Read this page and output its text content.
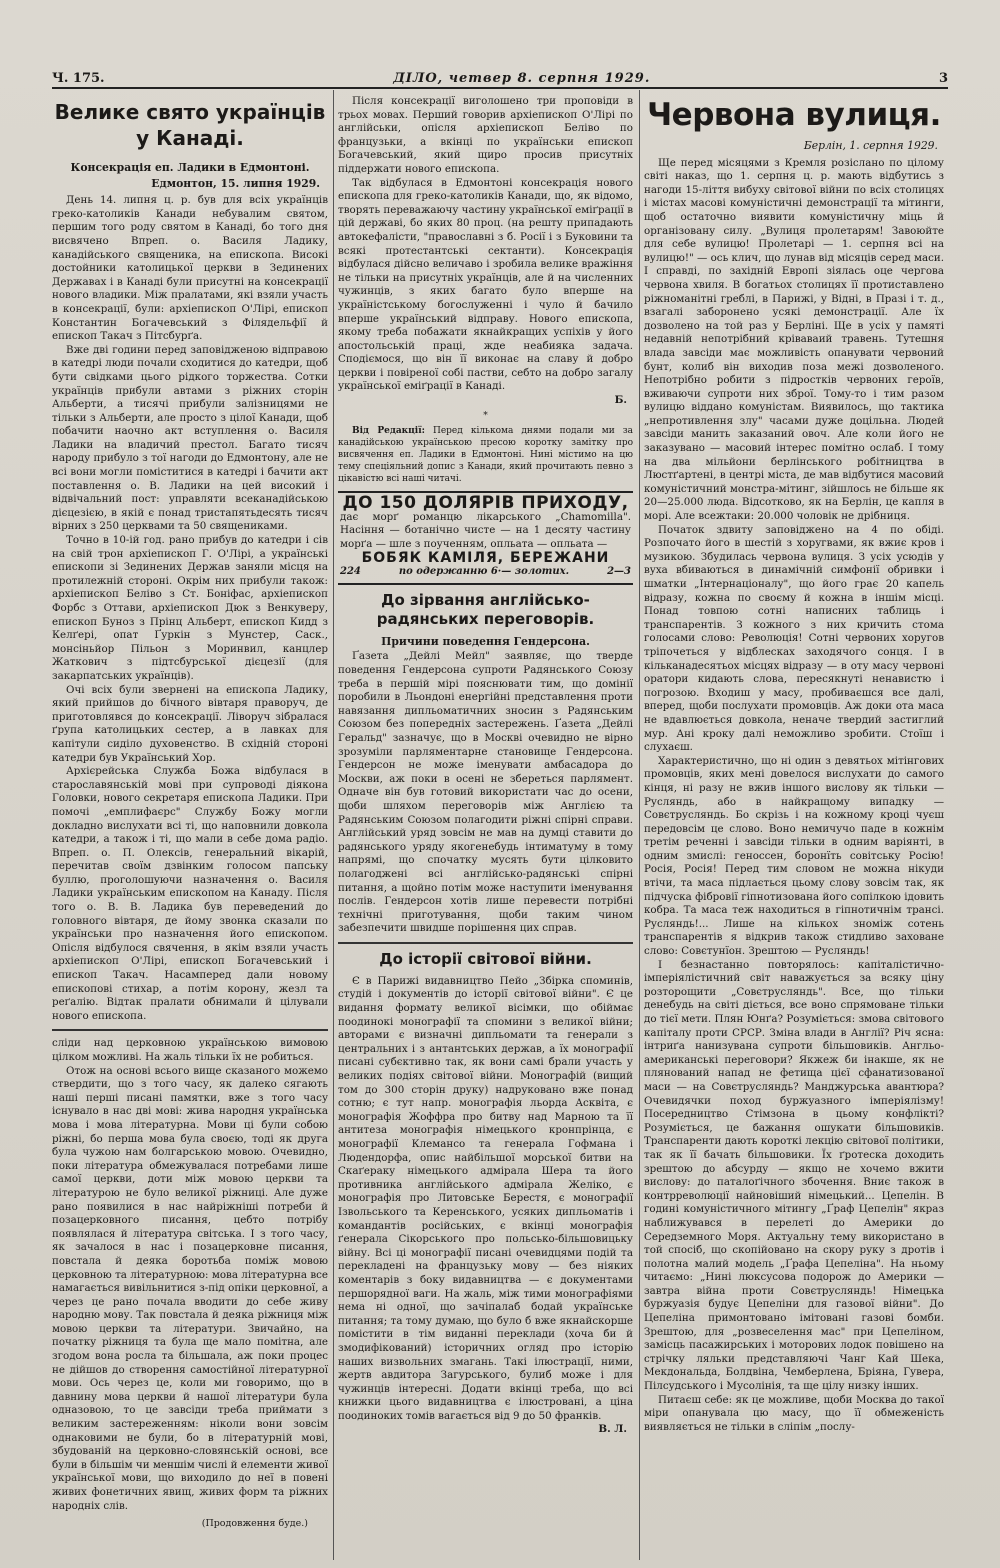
Ч. 175.	ДІЛО, четвер 8. серпня 1929.	3
Велике свято українців у Канаді.
Консекрація еп. Ладики в Едмонтоні.
Едмонтон, 15. липня 1929.

День 14. липня ц. р. був для всіх українців греко-католиків Канади небувалим святом, першим того роду святом в Канаді, бо того дня висвячено Впреп. о. Василя Ладику, канадійського священика, на епископа. Високі достойники католицької церкви в Зединених Державах і в Канаді були присутні на консекрації нового владики. Між пралатами, які взяли участь в консекрації, були: архіепископ О'Лірі, епископ Константин Богачевський з Філядельфії й епископ Такач з Пітсбурґа.

Вже дві години перед заповідженою відправою в катедрі люди почали сходитися до катедри, щоб бути свідками цього рідкого торжества. Сотки українців прибули автами з ріжних сторін Альберти, а тисячі прибули залізницями не тільки з Альберти, але просто з цілої Канади, щоб побачити наочно акт вступлення о. Василя Ладики на владичий престол. Багато тисяч народу прибуло з тої нагоди до Едмонтону, але не всі вони могли поміститися в катедрі і бачити акт поставлення о. В. Ладики на цей високий і відвічальний пост: управляти всеканадійською дієцезією, в якій є понад тристапятьдесять тисяч вірних з 250 церквами та 50 священиками.

Точно в 10-ій год. рано прибув до катедри і сів на свій трон архіепископ Г. О'Лірі, а українські епископи зі Зединених Держав заняли місця на протилежній стороні. Окрім них прибули також: архіепископ Беліво з Ст. Боніфас, архіепископ Форбс з Оттави, архіепископ Дюк з Венкуверу, епископ Буноз з Прінц Альберт, епископ Кидд з Келґері, опат Ґуркін з Мунстер, Саск., монсіньйор Пільон з Моринвил, канцлер Жаткович з підтсбурської дієцезії (для закарпатських українців).

Очі всіх були звернені на епископа Ладику, який прийшов до бічного вівтаря праворуч, де приготовлявся до консекрації. Ліворуч зібралася ґрупа католицьких сестер, а в лавках для капітули сиділо духовенство. В східній стороні катедри був Український Хор.

Архієрейська Служба Божа відбулася в старославянській мові при супроводі діякона Головки, нового секретаря епископа Ладики. При помочі „емплифаєрс" Службу Божу могли докладно вислухати всі ті, що наповнили довкола катедри, а також і ті, що мали в себе дома радіо. Впреп. о. П. Олексів, генеральний вікарій, перечитав своїм дзвінким голосом папську буллю, проголошуючи назначення о. Василя Ладики українським епископом на Канаду. Після того о. В. В. Ладика був переведений до головного вівтаря, де йому звонка сказали по українськи про назначення його епископом. Опісля відбулося свячення, в якім взяли участь архіепископ О'Лірі, епископ Богачевський і епископ Такач. Насамперед дали новому епископові стихар, а потім корону, жезл та реґалію. Відтак пралати обнимали й цілували нового епископа.

сліди над церковною українською вимовою цілком можливі. На жаль тільки їх не робиться.

Отож на основі всього вище сказаного можемо ствердити, що з того часу, як далеко сягають наші перші писані памятки, вже з того часу існувало в нас дві мові: жива народня українська мова і мова літературна. Мови ці були собою ріжні, бо перша мова була своєю, тоді як друга була чужою нам болгарською мовою. Очевидно, поки література обмежувалася потребами лише самої церкви, доти між мовою церкви та літературою не було великої ріжниці. Але дуже рано появилися в нас найріжніші потреби й позацерковного писання, цебто потрібу появлялася й література світська. І з того часу, як зачалося в нас і позацерковне писання, повстала й деяка боротьба поміж мовою церковною та літературною: мова літературна все намагається вивільнитися з-під опіки церковної, а через це рано почала вводити до себе живу народню мову. Так повстала й деяка ріжниця між мовою церкви та літератури. Звичайно, на початку ріжниця та була ще мало помітна, але згодом вона росла та більшала, аж поки процес не дійшов до створення самостійної літературної мови. Ось через це, коли ми говоримо, що в давнину мова церкви й нашої літератури була одназовою, то це завсіди треба приймати з великим застереженням: ніколи вони зовсім однаковими не були, бо в літературній мові, збудованій на церковно-словянській основі, все були в більшім чи меншім числі й елементи живої української мови, що виходило до неї в повені живих фонетичних явищ, живих форм та ріжних народніх слів.

(Продовження буде.)

Після консекрації виголошено три проповіди в трьох мовах. Перший говорив архіепископ О'Лірі по англійськи, опісля архіепископ Беліво по французьки, а вкінці по українськи епископ Богачевський, який щиро просив присутніх піддержати нового епископа.

Так відбулася в Едмонтоні консекрація нового епископа для греко-католиків Канади, що, як відомо, творять переважаючу частину української еміґрації в цій державі, бо яких 80 проц. (на решту припадають автокефалісти, "православні з б. Росії і з Буковини та всякі протестантські сектанти). Консекрація відбулася дійсно величаво і зробила велике вражіння не тільки на присутніх українців, але й на численних чужинців, з яких багато було вперше на україністському богослуженні і чуло й бачило вперше український відправу. Нового епископа, якому треба побажати якнайкращих успіхів у його апостольській праці, жде неабияка задача. Сподіємося, що він її виконає на славу й добро церкви і повіреної собі пастви, себто на добро загалу української еміґрації в Канаді.

Б.
*

Від Редакції: Перед кількома днями подали ми за канадійською українською пресою коротку замітку про висвячення еп. Ладики в Едмонтоні. Нині містимо на цю тему спеціяльний допис з Канади, який прочитають певно з цікавістю всі наші читачі.

ДО 150 ДОЛЯРІВ ПРИХОДУ,
дає морґ романцю лікарського „Chamomilla". Насіння — ботанічно чисте — на 1 десяту частину морґа — шле з поученням, опльата — опльата —
БОБЯК КАМІЛЯ, БЕРЕЖАНИ
224	по одержанню 6·— золотих.	2—3
До зірвання англійсько-радянських переговорів.
Причини поведення Гендерсона.

Ґазета „Дейлі Мейл" заявляє, що тверде поведення Гендерсона супроти Радянського Союзу треба в першій мірі пояснювати тим, що домінії поробили в Льондоні енергійні представлення проти навязання дипльоматичних зносин з Радянським Союзом без попередніх застережень. Ґазета „Дейлі Геральд" зазначує, що в Москві очевидно не вірно зрозуміли парляментарне становище Гендерсона. Гендерсон не може іменувати амбасадора до Москви, аж поки в осені не збереться парлямент. Одначе він був готовий використати час до осени, щоби шляхом переговорів між Англією та Радянським Союзом полагодити ріжні спірні справи. Англійський уряд зовсім не мав на думці ставити до радянського уряду якогенебудь інтиматуму в тому напрямі, що спочатку мусять бути цілковито полагоджені всі англійсько-радянські спірні питання, а щойно потім може наступити іменування послів. Гендерсон хотів лише перевести потрібні технічні приготування, щоби таким чином забезпечити швидше порішення цих справ.

До історії світової війни.

Є в Парижі видавництво Пейо „Збірка споминів, студій і документів до історії світової війни". Є це видання формату великої вісімки, що обіймає поодинокі монографії та спомини з великої війни; авторами є визначні дипльомати та генерали з центральних і з антантських держав, а їх монографії писані субєктивно так, як вони самі брали участь у великих подіях світової війни. Монографій (вищий том до 300 сторін друку) надруковано вже понад сотню; є тут напр. монографія льорда Асквіта, є монографія Жоффра про битву над Марною та її антитеза монографія німецького кронпрінца, є монографії Клемансо та генерала Гофмана і Людендорфа, опис найбільшої морської битви на Скаґераку німецького адмірала Шера та його противника англійського адмірала Желіко, є монографія про Литовське Берестя, є монографії Ізвольського та Керенського, усяких дипльоматів і командантів російських, є вкінці монографія ґенерала Сікорського про польсько-більшовицьку війну. Всі ці монографії писані очевидцями подій та перекладені на французьку мову — без ніяких коментарів з боку видавництва — є документами першорядної ваги. На жаль, між тими монографіями нема ні одної, що зачіпалаб бодай українське питання; та тому думаю, що було б вже якнайскорше помістити в тім виданні переклади (хоча би й змодифікований) історичних огляд про історію наших визвольних змагань. Такі ілюстрації, ними, жертв авдитора Загурського, булиб може і для чужинців інтересні. Додати вкінці треба, що всі книжки цього видавництва є ілюстровані, а ціна поодиноких томів вагається від 9 до 50 франків.

В. Л.
Червона вулиця.
Берлін, 1. серпня 1929.

Ще перед місяцями з Кремля розіслано по цілому світі наказ, що 1. серпня ц. р. мають відбутись з нагоди 15-ліття вибуху світової війни по всіх столицях і містах масові комуністичні демонстрації та мітинги, щоб остаточно виявити комуністичну міць й організовану силу. „Вулиця пролетарям! Завоюйте для себе вулицю! Пролетарі — 1. серпня всі на вулицю!" — ось клич, що лунав від місяців серед маси. І справді, по західній Европі зіялась оце чергова червона хвиля. В богатьох столицях її протиставлено ріжноманітні греблі, в Парижі, у Відні, в Празі і т. д., взагалі заборонено усякі демонстрації. Але їх дозволено на той раз у Берліні. Ще в усіх у памяті недавній непотрібний кріваваий травень. Тутешня влада завсіди має можливість опанувати червоний бунт, колиб він виходив поза межі дозволеного. Непотрібно робити з підростків червоних героїв, вживаючи супроти них зброї. Тому-то і тим разом вулицю віддано комуністам. Виявилось, що тактика „непротивлення злу" часами дуже доцільна. Людей завсіди манить заказаний овоч. Але коли його не заказувано — масовий інтерес помітно ослаб. І тому на два мільйони берлінського робітництва в Люстґартені, в центрі міста, де мав відбутися масовий комуністичний монстра-мітинг, зійшлось не більше як 20—25.000 люда. Відсотково, як на Берлін, це капля в морі. Але всежтаки: 20.000 чоловік не дрібниця.

Початок здвиту заповіджено на 4 по обіді. Розпочато його в шестій з хоругвами, як вжиє кров і музикою. Збудилась червона вулиця. З усіх усюдів у вуха вбиваються в динамічній симфонії обривки і шматки „Інтернаціоналу", що його грає 20 капель відразу, кожна по своєму й кожна в іншім місці. Понад товпою сотні написних таблиць і транспарентів. З кожного з них кричить стома голосами слово: Революція! Сотні червоних хоругов тріпочеться у відблесках заходячого сонця. І в кільканадесятьох місцях відразу — в оту масу червоні оратори кидають слова, пересякнуті ненавистю і погрозою. Входиш у масу, пробиваєшся все далі, вперед, щоби послухати промовців. Аж доки ота маса не вдавлюється довкола, неначе твердий застиглий мур. Ані кроку далі неможливо зробити. Стоїш і слухаєш.

Характеристично, що ні один з девятьох мітінгових промовців, яких мені довелося вислухати до самого кінця, ні разу не вжив іншого вислову як тільки — Русляндь, або в найкращому випадку — Совєтрусляндь. Бо скрізь і на кожному кроці чуєш передовсім це слово. Воно немичучо паде в кожнім третім реченні і завсіди тільки в одним варіянті, в одним змислі: геноссен, боронїть совітську Росію! Росія, Росія! Перед тим словом не можна нікуди втічи, та маса підлається цьому слову зовсім так, як підчуска фібровії гіпнотизована його сопілкою ідовить кобра. Та маса теж находиться в гіпнотичнім трансі. Русляндь!... Лише на кількох зноміж сотень транспарентів я відкрив також стидливо заховане слово: Совєтунїон. Зрештою — Русляндь!

І безнастанно повторялось: капіталістично-імперіялістичний світ наважується за всяку ціну розторощити „Совєтрусляндь". Все, що тільки денебудь на світі діється, все воно спрямоване тільки до тієї мети. Плян Юнґа? Розуміється: змова світового капіталу проти СРСР. Зміна влади в Англії? Річ ясна: інтриґа нанизувана супроти більшовиків. Англьо-американські переговори? Якжеж би інакше, як не плянований напад не фетища цієї сфанатизованої маси — на Совєтрусляндь? Манджурська авантюра? Очевидячки поход буржуазного імперіялізму! Посередництво Стімзона в цьому конфлікті? Розуміється, це бажання ошукати більшовиків. Транспаренти дають короткі лекцію світової політики, так як її бачать більшовики. Їх ґротеска доходить зрештою до абсурду — якщо не хочемо вжити вислову: до паталоґічного збочення. Вниє також в контрреволюції найновіший німецький... Цепелін. В годині комуністичного мітингу „Ґраф Цепелін" якраз наближувався в перелеті до Америки до Середземного Моря. Актуальну тему використано в той спосіб, що скопійовано на скору руку з дротів і полотна малий модель „Ґрафа Цепеліна". На ньому читаємо: „Нині люксусова подорож до Америки — завтра війна проти Совєтрусляндь! Німецька буржуазія будує Цепеліни для газової війни". До Цепеліна примонтовано імітовані газові бомби. Зрештою, для „розвеселення мас" при Цепеліном, замісць пасажирських і моторових лодок повішено на стрічку ляльки представляючі Чанг Кай Шека, Мекдональда, Болдвіна, Чемберлена, Бріяна, Гувера, Пілсудського і Мусолінія, та ще цілу низку інших.

Питаєш себе: як це можливе, щоби Москва до такої міри опанувала цю масу, що її обмеженість виявляється не тільки в сліпім „послу-
